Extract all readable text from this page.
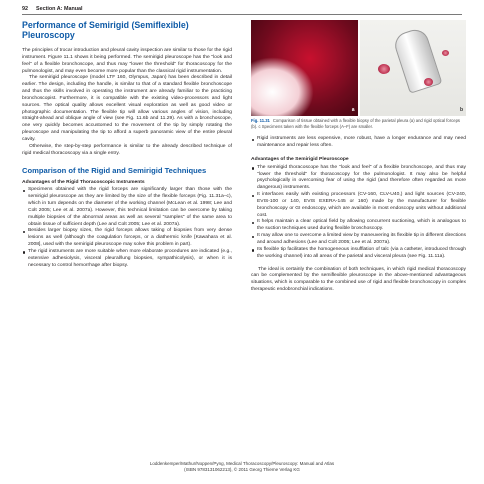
92 Section A: Manual
Performance of Semirigid (Semiflexible) Pleuroscopy

The principles of trocar introduction and pleural cavity inspection are similar to those for the rigid instrument. Figure 11.1 shows it being performed. The semirigid pleuroscope has the "look and feel" of a flexible bronchoscope, and thus may "lower the threshold" for thoracoscopy for the pulmonologist, and may even become more popular than the classical rigid instrumentation.

The semirigid pleuroscope (model LTF 160, Olympus, Japan) has been described in detail earlier. The design, including the handle, is similar to that of a standard flexible bronchoscope and thus the skills involved in operating the instrument are already familiar to the practicing bronchoscopist. Furthermore, it is compatible with the existing video-processors and light sources. The optical quality allows excellent visual exploration as well as good video or photographic documentation. The flexible tip will allow various angles of vision, including straight-ahead and oblique angle of view (see Fig. 11.6b and 11.29). As with a bronchoscope, one very quickly becomes accustomed to the movement of the tip by simply rotating the pleuroscope and manipulating the tip to afford a superb panoramic view of the entire pleural cavity.

Otherwise, the step-by-step performance is similar to the already described technique of rigid medical thoracoscopy via a single entry.

Comparison of the Rigid and Semirigid Techniques
Advantages of the Rigid Thoracoscopic Instruments
Specimens obtained with the rigid forceps are significantly larger than those with the semirigid pleuroscope as they are limited by the size of the flexible forceps (Fig. 11.31a–c), which in turn depends on the diameter of the working channel (McLean et al. 1998; Lee and Colt 2005; Lee et al. 2007a). However, this technical limitation can be overcome by taking multiple biopsies of the abnormal areas as well as several "samples" of the same area to obtain tissue of sufficient depth (Lee and Colt 2005; Lee et al. 2007a).
Besides larger biopsy sizes, the rigid forceps allows taking of biopsies from very dense lesions as well (although the coagulation forceps, or a diathermic knife [Kawahara et al. 2008], used with the semirigid pleuroscope may solve this problem in part).
The rigid instruments are more suitable when more elaborate procedures are indicated (e.g., extensive adhesiolysis, visceral pleural/lung biopsies, sympathicolysis), or when it is necessary to control hemorrhage after biopsy.
a	b

Fig. 11.31 Comparison of tissue obtained with a flexible biopsy of the parietal pleura (a) and rigid optical forceps (b). c Specimens taken with the flexible forceps (A–F) are smaller.

Rigid instruments are less expensive, more robust, have a longer endurance and may need maintenance and repair less often.
Advantages of the Semirigid Pleuroscope
The semirigid thoracoscope has the "look and feel" of a flexible bronchoscope, and thus may "lower the threshold" for thoracoscopy for the pulmonologist. It may also be helpful psychologically in overcoming fear of using the rigid (and therefore often regarded as more dangerous) instruments.
It interfaces easily with existing processors (CV-160, CLV-U40,) and light sources (CV-240, EVIS-100 or 140, EVIS EXERA-145 or 160) made by the manufacturer for flexible bronchoscopy or GI endoscopy, which are available in most endoscopy units without additional cost.
It helps maintain a clear optical field by allowing concurrent suctioning, which is analogous to the suction techniques used during flexible bronchoscopy.
It may allow one to overcome a limited view by maneuvering its flexible tip in different directions and around adhesions (Lee and Colt 2005; Lee et al. 2007a).
Its flexible tip facilitates the homogeneous insufflation of talc (via a catheter, introduced through the working channel) into all areas of the parietal and visceral pleura (see Fig. 11.11a).

The ideal is certainly the combination of both techniques, in which rigid medical thoracoscopy can be complemented by the semiflexible pleuroscope in the above-mentioned advantageous situations, which is comparable to the combined use of rigid and flexible bronchoscopy in complex therapeutic endobronchial indications.

Loddenkemper/Mathur/Noppen/Pyng, Medical Thoracoscopy/Pleuroscopy: Manual and Atlas
(ISBN 9783131062213), © 2011 Georg Thieme Verlag KG
